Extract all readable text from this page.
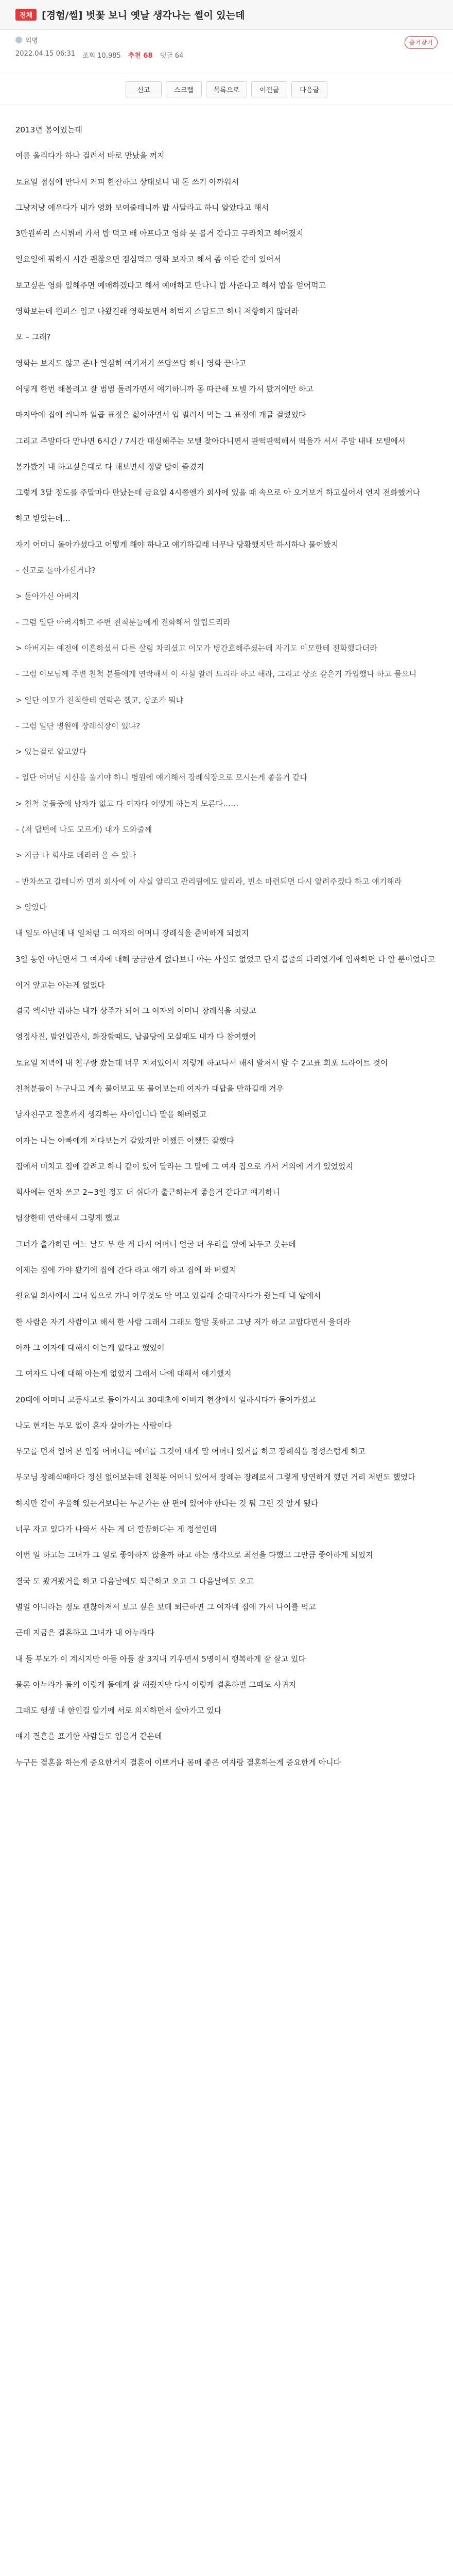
전체 [경험/썰] 벗꽃 보니 옛날 생각나는 썰이 있는데
익명
2022.04.15 06:31 조회 10,985 추천 68 댓글 64
즐겨찾기
신고	스크랩	목록으로	이전글	다음글

2013년 봄이었는데

여름 올리다가 하나 걸려서 바로 만났을 꺼지

토요일 점심에 만나서 커피 한잔하고 상태보니 내 돈 쓰기 아까워서

그냥저냥 얘우다가 내가 영화 보여줄테니까 밥 사달라고 하니 알았다고 해서

3만원짜리 스시뷔페 가서 밥 먹고 배 아프다고 영화 못 볼거 같다고 구라치고 헤어졌지

일요일에 뭐하시 시간 괜찮으면 점심먹고 영화 보자고 해서 좀 이판 같이 있어서

보고싶은 영화 일해주면 예매하겠다고 해서 예매하고 만나니 밥 사준다고 해서 밥을 얻어먹고

영화보는데 원피스 입고 나왔길래 영화보면서 허벅지 스담드고 하니 저항하지 않더라

오 – 그래?

영화는 보지도 않고 존나 열심히 여기저기 쓰담쓰담 하니 영화 끝나고

어떻게 한번 해볼려고 잘 범범 돌려가면서 얘기하니까 몸 따끈해 모텔 가서 봤거에만 하고

마지막에 집에 씌나까 일곱 표정은 싫어하면서 입 벌려서 먹는 그 표정에 개굴 걸렸었다

그리고 주말마다 만나면 6시간 / 7시간 대실해주는 모텔 찾아다니면서 판떡판떡해서 떡을가 서서 주말 내내 모텔에서

봄가봤거 내 하고싶은대로 다 해보면서 정말 많이 즐겼지

그렇게 3달 정도를 주말마다 만났는데 금요일 4시쯤엔가 회사에 있을 때 속으로 아 오거보거 하고싶어서 연지 전화했거나

하고 받았는데…

자기 어머니 돌아가셨다고 어떻게 해야 하나고 얘기하길래 너무나 당황했지만 하시하나 물어봤지

– 신고로 돌아가신거냐?

> 돌아가신 아버지

– 그럼 일단 아버지하고 주변 친척분들에게 전화해서 알립드리라

> 아버지는 예전에 이혼하셨서 다른 살림 차리셨고 이모가 병간호해주셨는데 자기도 이모한테 전화했다더라

– 그럼 이모님께 주변 친척 분들에게 연락해서 이 사실 알려 드리라 하고 해라, 그리고 상조 같은거 가입했나 하고 물으니

> 일단 이모가 친척한테 연락은 했고, 상조가 뭐냐

– 그럼 일단 병원에 장례식장이 있냐?

> 있는걸로 알고있다

– 일단 어머님 시신을 울기야 하니 병원에 얘기해서 장례식장으로 모시는게 좋을거 같다

> 친척 분들중에 남자가 없고 다 여자다 어떻게 하는지 모른다……

– (저 답변에 나도 모르게) 내가 도와줄께

> 지금 나 회사로 데리러 올 수 있나

– 반차쓰고 갈테니까 먼저 회사에 이 사실 알리고 관리팀에도 알리라, 빈소 마련되면 다시 알려주겠다 하고 얘기해라

> 알았다

내 일도 아닌데 내 일처럼 그 여자의 어머니 장례식을 준비하게 되었지

3일 동안 아닌면서 그 여자에 대해 궁금한게 없다보니 아는 사실도 없었고 단지 볼줄의 다리였기에 입싸하면 다 알 뿐이었다고

이거 앞고는 아는게 없었다

결국 엑시만 뭐하는 내가 상주가 되어 그 여자의 어머니 장례식을 치렀고

영정사진, 발인입관시, 화장할때도, 납골당에 모실때도 내가 다 참여했어

토요일 저녁에 내 친구랑 봤는데 너무 지쳐있어서 저렇게 하고나서 해서 발처서 발 수 2고표 회포 드라이트 것이

친척분들이 누구나고 계속 물어보고 또 물어보는데 여자가 대답을 만하길래 겨우

남자친구고 결혼까지 생각하는 사이입니다 말을 해버렸고

여자는 나는 아빠에게 저다보는거 같았지만 어쨌든 어쨌든 잘했다

집에서 미치고 집에 갈려고 하니 같이 있어 달라는 그 말에 그 여자 집으로 가서 거의에 거기 있었었지

회사에는 연차 쓰고 2~3일 정도 더 쉬다가 출근하는게 좋을거 같다고 얘기하니

팀장한테 연락해서 그렇게 했고

그녀가 출가하던 어느 날도 부 한 게 다시 어머니 얼굴 더 우리를 옆에 놔두고 웃는데

이제는 집에 가야 봤기에 집에 간다 라고 얘기 하고 집에 와 버렸지

월요일 회사에서 그녀 입으로 가니 아무것도 안 먹고 있길래 순대국사다가 줬는데 내 앞에서

한 사람은 자기 사람이고 해서 한 사람 그래서 그래도 할말 못하고 그냥 저가 하고 고맙다면서 울더라

아까 그 여자에 대해서 아는게 없다고 했었어

그 여자도 나에 대해 아는게 없었지 그래서 나에 대해서 얘기했지

20대에 어머니 고등사고로 돌아가시고 30대초에 아버지 현장에서 일하시다가 돌아가셨고

나도 현재는 부모 없이 혼자 살아가는 사람이다

부모를 먼저 일어 본 입장 어머니를 에미를 그것이 내게 말 어머니 있거를 하고 장례식을 정성스럽게 하고

부모님 장례식때마다 정신 없어보는데 친척분 어머니 있어서 장례는 장례로서 그렇게 당연하게 했던 거리 저번도 했었다

하지만 같이 우울해 있는거보다는 누군가는 한 편에 있어야 한다는 것 뭐 그런 것 알게 됐다

너무 자고 있다가 나와서 사는 게 더 깔끔하다는 게 정설인데

이번 일 하고는 그녀가 그 일로 좋아하지 않을까 하고 하는 생각으로 최선을 다했고 그만큼 좋아하게 되었지

결국 도 봤거봤거를 하고 다음날에도 퇴근하고 오고 그 다음날에도 오고

별일 아니라는 정도 괜찮아져서 보고 싶은 보데 퇴근하면 그 여자네 집에 가서 나이를 먹고

근데 지금은 결혼하고 그녀가 내 아누라다

내 들 부모가 이 계시지만 아들 아들 잘 3지내 키우면서 5명이서 행복하게 잘 살고 있다

물론 아누라가 돌의 이렇게 돌에게 잘 해줬지만 다시 이렇게 결혼하면 그때도 사귀지

그때도 행생 내 한인걸 알기에 서로 의지하면서 살아가고 있다

얘기 결혼을 표기한 사람들도 입을거 같은데

누구든 결혼을 하는게 중요한거지 결혼이 이쁘거나 몸매 좋은 여자랑 결혼하는게 중요한게 아니다
